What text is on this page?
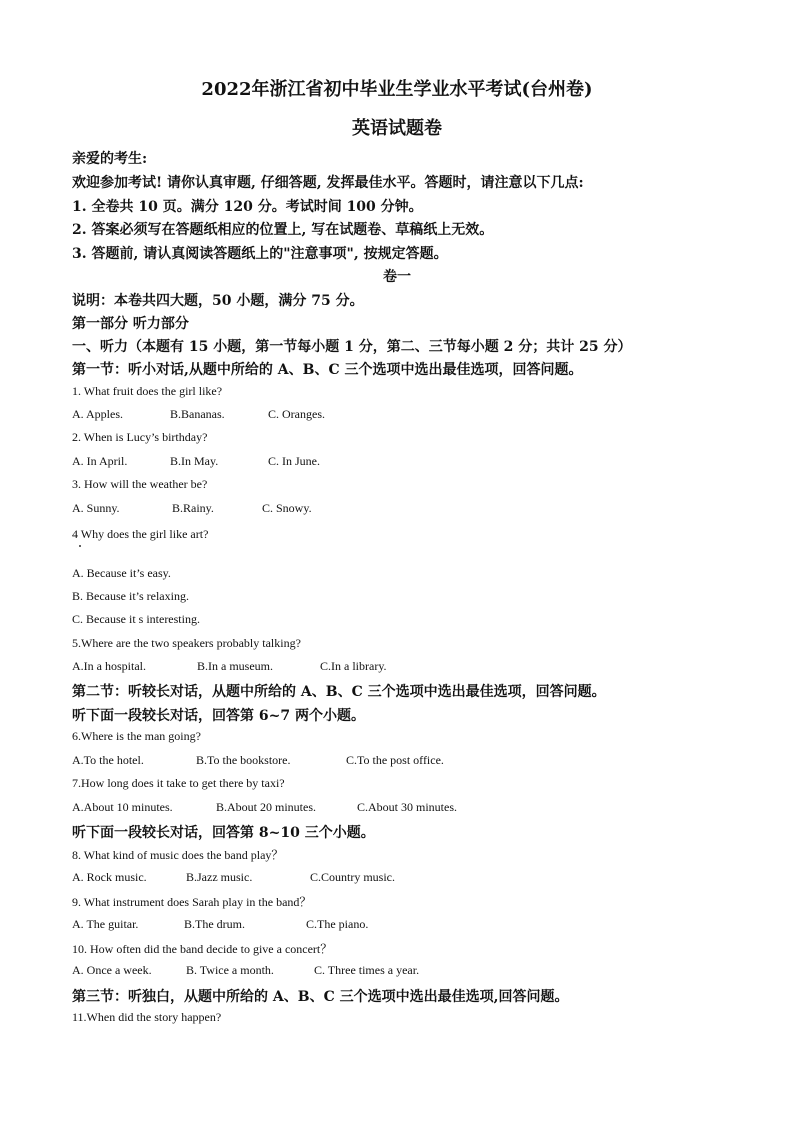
2022年浙江省初中毕业生学业水平考试(台州卷)
英语试题卷
亲爱的考生:
欢迎参加考试! 请你认真审题, 仔细答题, 发挥最佳水平。答题时，请注意以下几点:
1. 全卷共 10 页。满分 120 分。考试时间 100 分钟。
2. 答案必须写在答题纸相应的位置上, 写在试题卷、草稿纸上无效。
3. 答题前, 请认真阅读答题纸上的"注意事项", 按规定答题。
卷一
说明：本卷共四大题，50 小题，满分 75 分。
第一部分 听力部分
一、听力（本题有 15 小题，第一节每小题 1 分，第二、三节每小题 2 分；共计 25 分）
第一节：听小对话,从题中所给的 A、B、C 三个选项中选出最佳选项，回答问题。
1. What fruit does the girl like?
A. Apples.	B.Bananas.	C. Oranges.
2. When is Lucy’s birthday?
A. In April.	B.In May.	C. In June.
3. How will the weather be?
A. Sunny.	B.Rainy.	C. Snowy.
4 Why does the girl like art?
A. Because it’s easy.
B. Because it’s relaxing.
C. Because it s interesting.
5.Where are the two speakers probably talking?
A.In a hospital.	B.In a museum.	C.In a library.
第二节：听较长对话，从题中所给的 A、B、C 三个选项中选出最佳选项，回答问题。
听下面一段较长对话，回答第 6~7 两个小题。
6.Where is the man going?
A.To the hotel.	B.To the bookstore.	C.To the post office.
7.How long does it take to get there by taxi?
A.About 10 minutes.	B.About 20 minutes.	C.About 30 minutes.
听下面一段较长对话，回答第 8~10 三个小题。
8. What kind of music does the band play？
A. Rock music.	B.Jazz music.	C.Country music.
9. What instrument does Sarah play in the band？
A. The guitar.	B.The drum.	C.The piano.
10. How often did the band decide to give a concert？
A. Once a week.	B. Twice a month.	C. Three times a year.
第三节：听独白，从题中所给的 A、B、C 三个选项中选出最佳选项,回答问题。
11.When did the story happen?
